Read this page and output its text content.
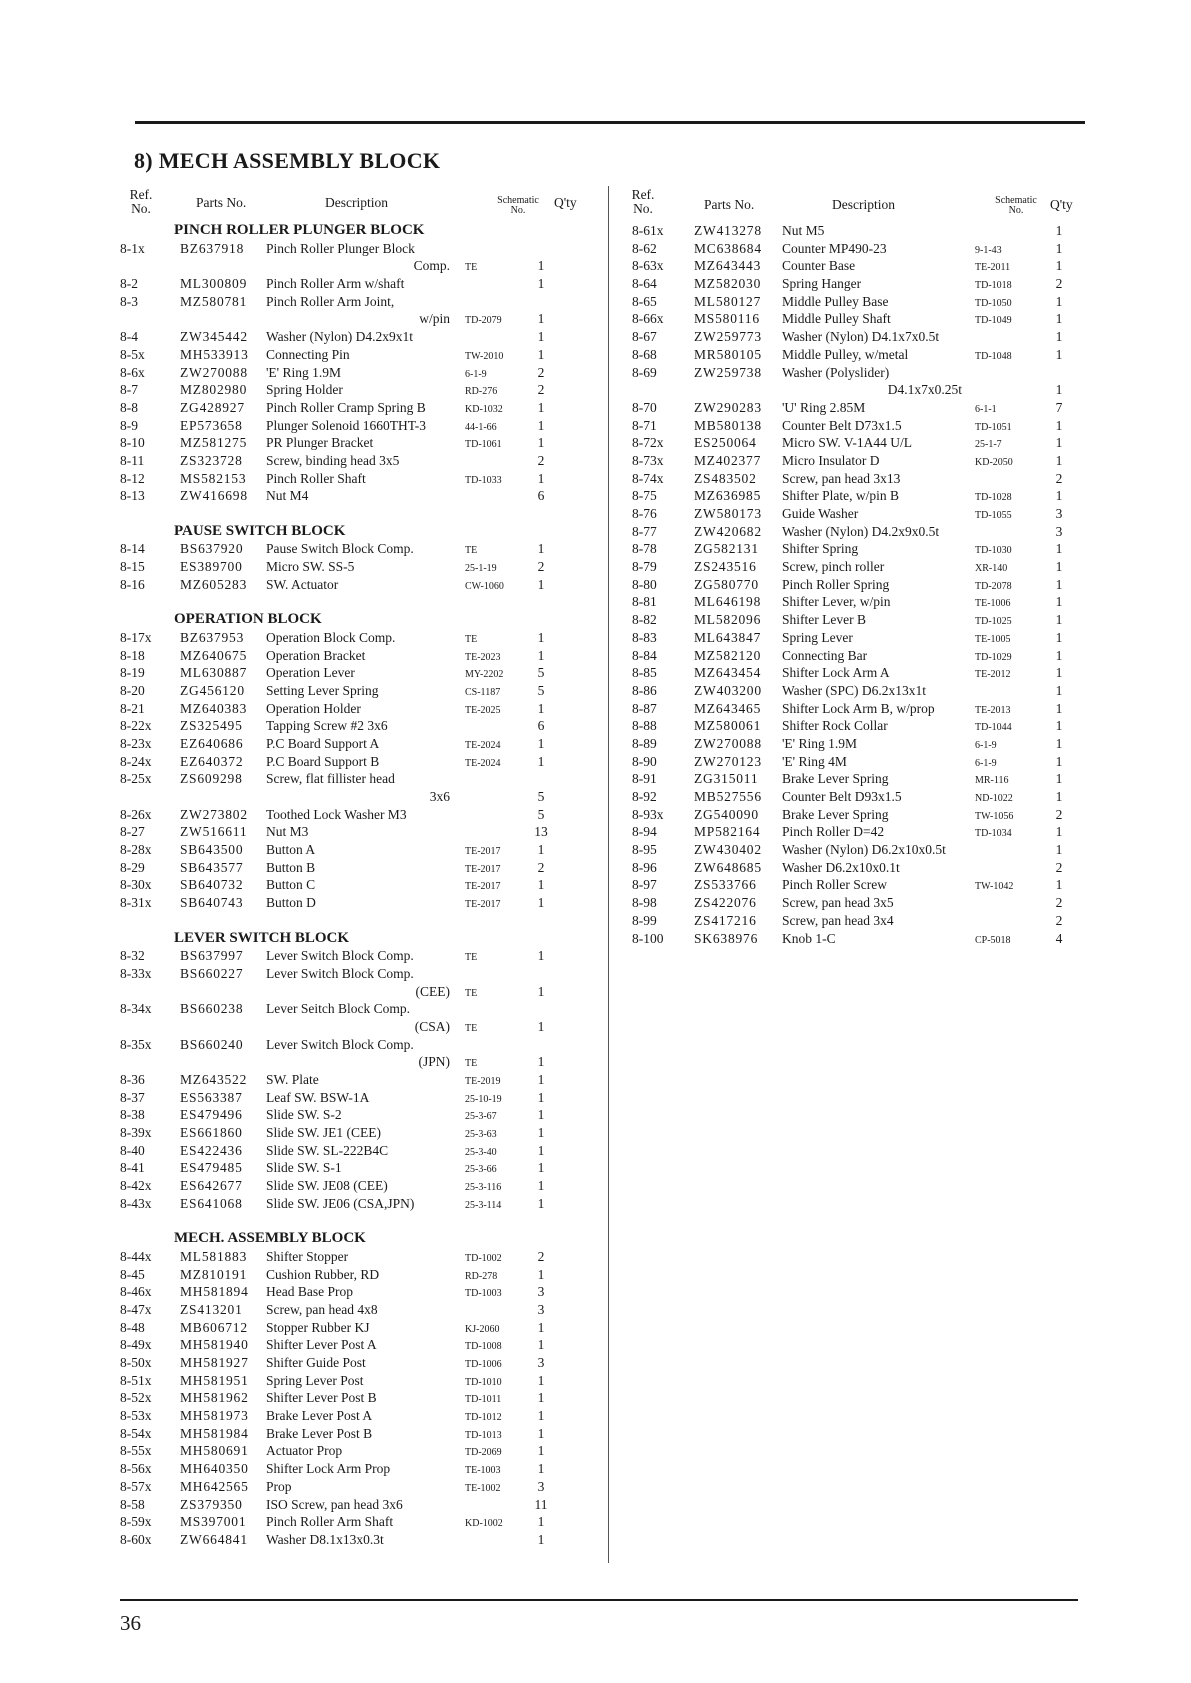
8) MECH ASSEMBLY BLOCK
Ref. No.	Parts No.	Description	Schematic No.
Q'ty
PINCH ROLLER PLUNGER BLOCK
8-1x	BZ637918 Pinch Roller Plunger Block
Comp. TE	1
8-2	ML300809 Pinch Roller Arm w/shaft	1
8-3	MZ580781 Pinch Roller Arm Joint,
w/pin TD-2079	1
8-4	ZW345442 Washer (Nylon) D4.2x9x1t	1
8-5x	MH533913 Connecting Pin	TW-2010	1
8-6x	ZW270088 'E' Ring 1.9M	6-1-9	2
8-7	MZ802980 Spring Holder	RD-276	2
8-8	ZG428927 Pinch Roller Cramp Spring B	KD-1032	1
8-9	EP573658 Plunger Solenoid 1660THT-3	44-1-66	1
8-10	MZ581275 PR Plunger Bracket	TD-1061	1
8-11	ZS323728 Screw, binding head 3x5	2
8-12	MS582153 Pinch Roller Shaft	TD-1033	1
8-13	ZW416698 Nut M4	6
PAUSE SWITCH BLOCK
8-14	BS637920 Pause Switch Block Comp.	TE	1
8-15	ES389700 Micro SW. SS-5	25-1-19	2
8-16	MZ605283 SW. Actuator	CW-1060 1
OPERATION BLOCK
8-17x BZ637953 Operation Block Comp.	TE	1
8-18	MZ640675 Operation Bracket	TE-2023	1
8-19	ML630887 Operation Lever	MY-2202	5
8-20	ZG456120 Setting Lever Spring	CS-1187	5
8-21	MZ640383 Operation Holder	TE-2025	1
8-22x ZS325495 Tapping Screw #2 3x6	6
8-23x EZ640686 P.C Board Support A	TE-2024	1
8-24x EZ640372 P.C Board Support B	TE-2024	1
8-25x ZS609298 Screw, flat fillister head
3x6	5
8-26x ZW273802 Toothed Lock Washer M3	5
8-27	ZW516611 Nut M3	13
8-28x SB643500 Button A	TE-2017	1
8-29	SB643577 Button B	TE-2017	2
8-30x SB640732 Button C	TE-2017	1
8-31x SB640743 Button D	TE-2017	1
LEVER SWITCH BLOCK
8-32	BS637997 Lever Switch Block Comp.	TE	1
8-33x BS660227 Lever Switch Block Comp.
(CEE) TE	1
8-34x BS660238 Lever Seitch Block Comp.
(CSA) TE	1
8-35x BS660240 Lever Switch Block Comp.
(JPN) TE	1
8-36	MZ643522 SW. Plate	TE-2019	1
8-37	ES563387 Leaf SW. BSW-1A	25-10-19	1
8-38	ES479496 Slide SW. S-2	25-3-67	1
8-39x ES661860 Slide SW. JE1 (CEE)	25-3-63	1
8-40	ES422436 Slide SW. SL-222B4C	25-3-40	1
8-41	ES479485 Slide SW. S-1	25-3-66	1
8-42x ES642677 Slide SW. JE08 (CEE)	25-3-116	1
8-43x ES641068 Slide SW. JE06 (CSA,JPN)	25-3-114	1
MECH. ASSEMBLY BLOCK
8-44x ML581883 Shifter Stopper	TD-1002	2
8-45	MZ810191 Cushion Rubber, RD	RD-278	1
8-46x MH581894 Head Base Prop	TD-1003	3
8-47x ZS413201 Screw, pan head 4x8	3
8-48	MB606712 Stopper Rubber KJ	KJ-2060	1
8-49x MH581940 Shifter Lever Post A	TD-1008	1
8-50x MH581927 Shifter Guide Post	TD-1006	3
8-51x MH581951 Spring Lever Post	TD-1010	1
8-52x MH581962 Shifter Lever Post B	TD-1011	1
8-53x MH581973 Brake Lever Post A	TD-1012	1
8-54x MH581984 Brake Lever Post B	TD-1013	1
8-55x MH580691 Actuator Prop	TD-2069	1
8-56x MH640350 Shifter Lock Arm Prop	TE-1003	1
8-57x MH642565 Prop	TE-1002	3
8-58	ZS379350 ISO Screw, pan head 3x6	11
8-59x MS397001 Pinch Roller Arm Shaft	KD-1002	1
8-60x ZW664841 Washer D8.1x13x0.3t	1
Ref. No.	Parts No.	Description	Schematic No.	Q'ty
8-61x ZW413278 Nut M5	1
8-62	MC638684 Counter MP490-23	9-1-43	1
8-63x MZ643443 Counter Base	TE-2011	1
8-64	MZ582030 Spring Hanger	TD-1018	2
8-65	ML580127 Middle Pulley Base	TD-1050	1
8-66x MS580116 Middle Pulley Shaft	TD-1049	1
8-67	ZW259773 Washer (Nylon) D4.1x7x0.5t	1
8-68	MR580105 Middle Pulley, w/metal	TD-1048	1
8-69	ZW259738 Washer (Polyslider)
D4.1x7x0.25t	1
8-70	ZW290283 'U' Ring 2.85M	6-1-1	7
8-71	MB580138 Counter Belt D73x1.5	TD-1051	1
8-72x ES250064 Micro SW. V-1A44 U/L	25-1-7	1
8-73x MZ402377 Micro Insulator D	KD-2050	1
8-74x ZS483502 Screw, pan head 3x13	2
8-75	MZ636985 Shifter Plate, w/pin B	TD-1028	1
8-76	ZW580173 Guide Washer	TD-1055	3
8-77	ZW420682 Washer (Nylon) D4.2x9x0.5t	3
8-78	ZG582131 Shifter Spring	TD-1030	1
8-79	ZS243516 Screw, pinch roller	XR-140	1
8-80	ZG580770 Pinch Roller Spring	TD-2078	1
8-81	ML646198 Shifter Lever, w/pin	TE-1006	1
8-82	ML582096 Shifter Lever B	TD-1025	1
8-83	ML643847 Spring Lever	TE-1005	1
8-84	MZ582120 Connecting Bar	TD-1029	1
8-85	MZ643454 Shifter Lock Arm A	TE-2012	1
8-86	ZW403200 Washer (SPC) D6.2x13x1t	1
8-87	MZ643465 Shifter Lock Arm B, w/prop	TE-2013	1
8-88	MZ580061 Shifter Rock Collar	TD-1044	1
8-89	ZW270088 'E' Ring 1.9M	6-1-9	1
8-90	ZW270123 'E' Ring 4M	6-1-9	1
8-91	ZG315011 Brake Lever Spring	MR-116	1
8-92	MB527556 Counter Belt D93x1.5	ND-1022	1
8-93x ZG540090 Brake Lever Spring	TW-1056	2
8-94	MP582164 Pinch Roller D=42	TD-1034	1
8-95	ZW430402 Washer (Nylon) D6.2x10x0.5t	1
8-96	ZW648685 Washer D6.2x10x0.1t	2
8-97	ZS533766 Pinch Roller Screw	TW-1042	1
8-98	ZS422076 Screw, pan head 3x5	2
8-99	ZS417216 Screw, pan head 3x4	2
8-100 SK638976 Knob 1-C	CP-5018	4
36
